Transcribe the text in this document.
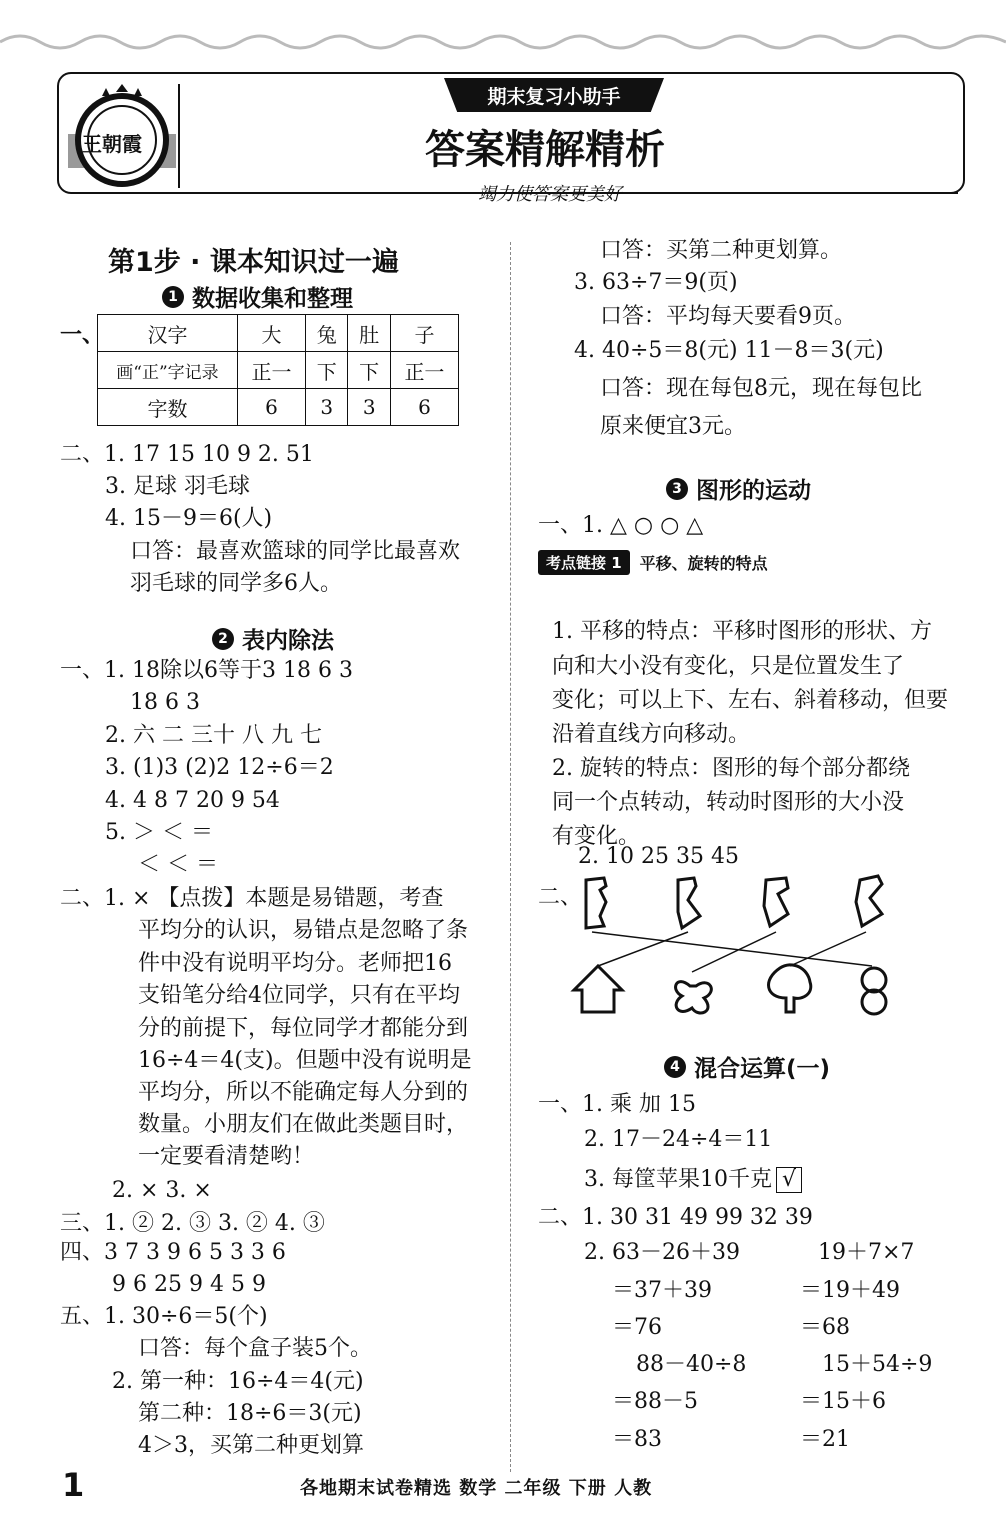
王朝霞
期末复习小助手
答案精解精析
竭力使答案更美好
第1步 · 课本知识过一遍
1 数据收集和整理
一、 汉字	大	兔	肚	子
画“正”字记录	正一	下	下	正一
字数	6	3	3	6
二、1. 17 15 10 9 2. 51
3. 足球 羽毛球
4. 15－9＝6(人)
口答：最喜欢篮球的同学比最喜欢
羽毛球的同学多6人。
2 表内除法
一、1. 18除以6等于3 18 6 3
18 6 3
2. 六 二 三十 八 九 七
3. (1)3 (2)2 12÷6＝2
4. 4 8 7 20 9 54
5. ＞ ＜ ＝
＜ ＜ ＝
二、1. × 【点拨】本题是易错题，考查
平均分的认识，易错点是忽略了条
件中没有说明平均分。老师把16
支铅笔分给4位同学，只有在平均
分的前提下，每位同学才都能分到
16÷4＝4(支)。但题中没有说明是
平均分，所以不能确定每人分到的
数量。小朋友们在做此类题目时，
一定要看清楚哟！
2. × 3. ×
三、1. ② 2. ③ 3. ② 4. ③
四、3 7 3 9 6 5 3 3 6
9 6 25 9 4 5 9
五、1. 30÷6＝5(个)
口答：每个盒子装5个。
2. 第一种：16÷4＝4(元)
第二种：18÷6＝3(元)
4＞3，买第二种更划算
口答：买第二种更划算。
3. 63÷7＝9(页)
口答：平均每天要看9页。
4. 40÷5＝8(元) 11－8＝3(元)
口答：现在每包8元，现在每包比
原来便宜3元。
3 图形的运动
一、1. △ ○ ○ △
考点链接 1	平移、旋转的特点
1. 平移的特点：平移时图形的形状、方
向和大小没有变化，只是位置发生了
变化；可以上下、左右、斜着移动，但要
沿着直线方向移动。
2. 旋转的特点：图形的每个部分都绕
同一个点转动，转动时图形的大小没
有变化。
2. 10 25 35 45
二、
4 混合运算(一)
一、1. 乘 加 15
2. 17－24÷4＝11
3. 每筐苹果10千克 √
二、1. 30 31 49 99 32 39
2. 63－26＋39
＝37＋39
＝76
88－40÷8
＝88－5
＝83
19＋7×7
＝19＋49
＝68
15＋54÷9
＝15＋6
＝21
1	各地期末试卷精选 数学 二年级 下册 人教
